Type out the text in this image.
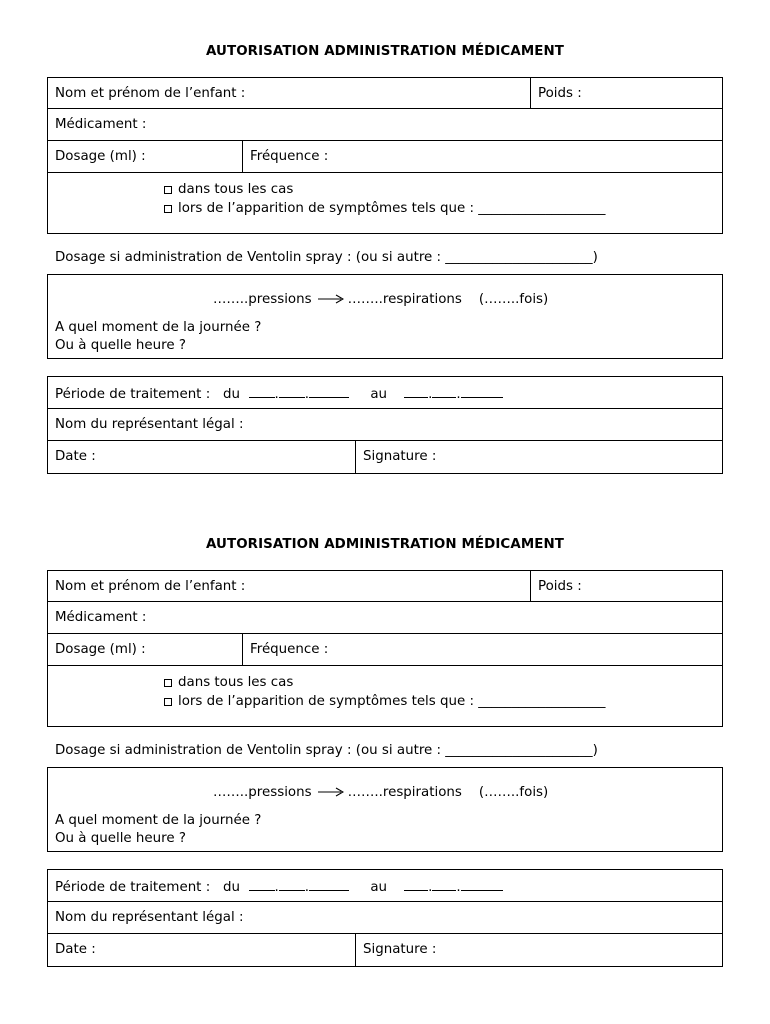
AUTORISATION ADMINISTRATION MÉDICAMENT
Nom et prénom de l’enfant :	Poids :
Médicament :
Dosage (ml) :	Fréquence :
dans tous les cas
lors de l’apparition de symptômes tels que : ___________________
Dosage si administration de Ventolin spray : (ou si autre : ______________________)
……..pressions	……..respirations (……..fois)
A quel moment de la journée ?
Ou à quelle heure ?
Période de traitement : du	. .	au	. .
Nom du représentant légal :
Date :	Signature :
AUTORISATION ADMINISTRATION MÉDICAMENT
Nom et prénom de l’enfant :	Poids :
Médicament :
Dosage (ml) :	Fréquence :
dans tous les cas
lors de l’apparition de symptômes tels que : ___________________
Dosage si administration de Ventolin spray : (ou si autre : ______________________)
……..pressions	……..respirations (……..fois)
A quel moment de la journée ?
Ou à quelle heure ?
Période de traitement : du	. .	au	. .
Nom du représentant légal :
Date :	Signature :
